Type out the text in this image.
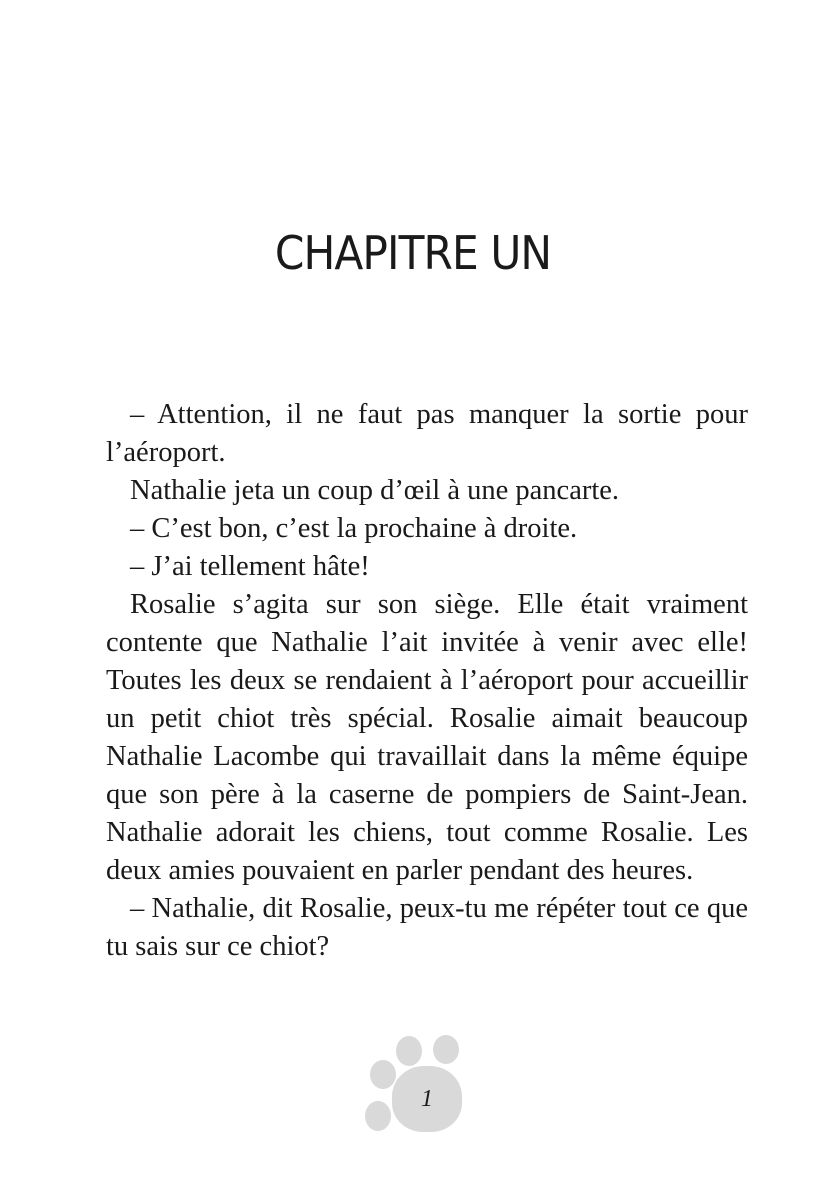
CHAPITRE UN

– Attention, il ne faut pas manquer la sortie pour l’aéroport.

Nathalie jeta un coup d’œil à une pancarte.

– C’est bon, c’est la prochaine à droite.

– J’ai tellement hâte!

Rosalie s’agita sur son siège. Elle était vraiment contente que Nathalie l’ait invitée à venir avec elle! Toutes les deux se rendaient à l’aéroport pour accueillir un petit chiot très spécial. Rosalie aimait beaucoup Nathalie Lacombe qui travaillait dans la même équipe que son père à la caserne de pompiers de Saint-Jean. Nathalie adorait les chiens, tout comme Rosalie. Les deux amies pouvaient en parler pendant des heures.

– Nathalie, dit Rosalie, peux-tu me répéter tout ce que tu sais sur ce chiot?

1
